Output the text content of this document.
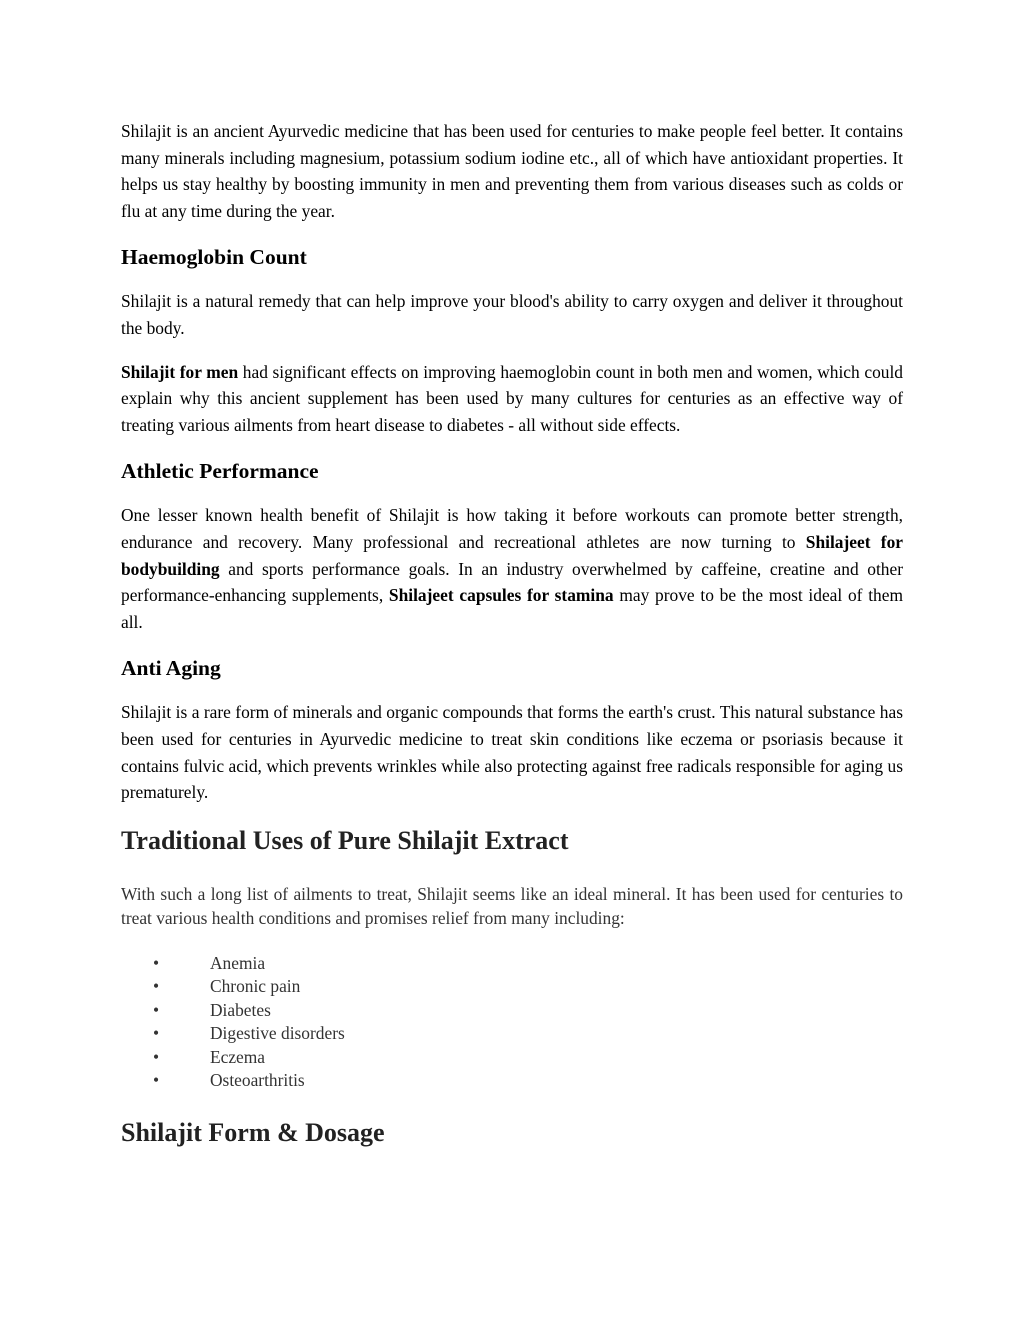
Shilajit is an ancient Ayurvedic medicine that has been used for centuries to make people feel better. It contains many minerals including magnesium, potassium sodium iodine etc., all of which have antioxidant properties. It helps us stay healthy by boosting immunity in men and preventing them from various diseases such as colds or flu at any time during the year.

Haemoglobin Count

Shilajit is a natural remedy that can help improve your blood's ability to carry oxygen and deliver it throughout the body.

Shilajit for men had significant effects on improving haemoglobin count in both men and women, which could explain why this ancient supplement has been used by many cultures for centuries as an effective way of treating various ailments from heart disease to diabetes - all without side effects.

Athletic Performance

One lesser known health benefit of Shilajit is how taking it before workouts can promote better strength, endurance and recovery. Many professional and recreational athletes are now turning to Shilajeet for bodybuilding and sports performance goals. In an industry overwhelmed by caffeine, creatine and other performance-enhancing supplements, Shilajeet capsules for stamina may prove to be the most ideal of them all.

Anti Aging

Shilajit is a rare form of minerals and organic compounds that forms the earth's crust. This natural substance has been used for centuries in Ayurvedic medicine to treat skin conditions like eczema or psoriasis because it contains fulvic acid, which prevents wrinkles while also protecting against free radicals responsible for aging us prematurely.

Traditional Uses of Pure Shilajit Extract

With such a long list of ailments to treat, Shilajit seems like an ideal mineral. It has been used for centuries to treat various health conditions and promises relief from many including:

•	Anemia
•	Chronic pain
•	Diabetes
•	Digestive disorders
•	Eczema
•	Osteoarthritis
Shilajit Form & Dosage
